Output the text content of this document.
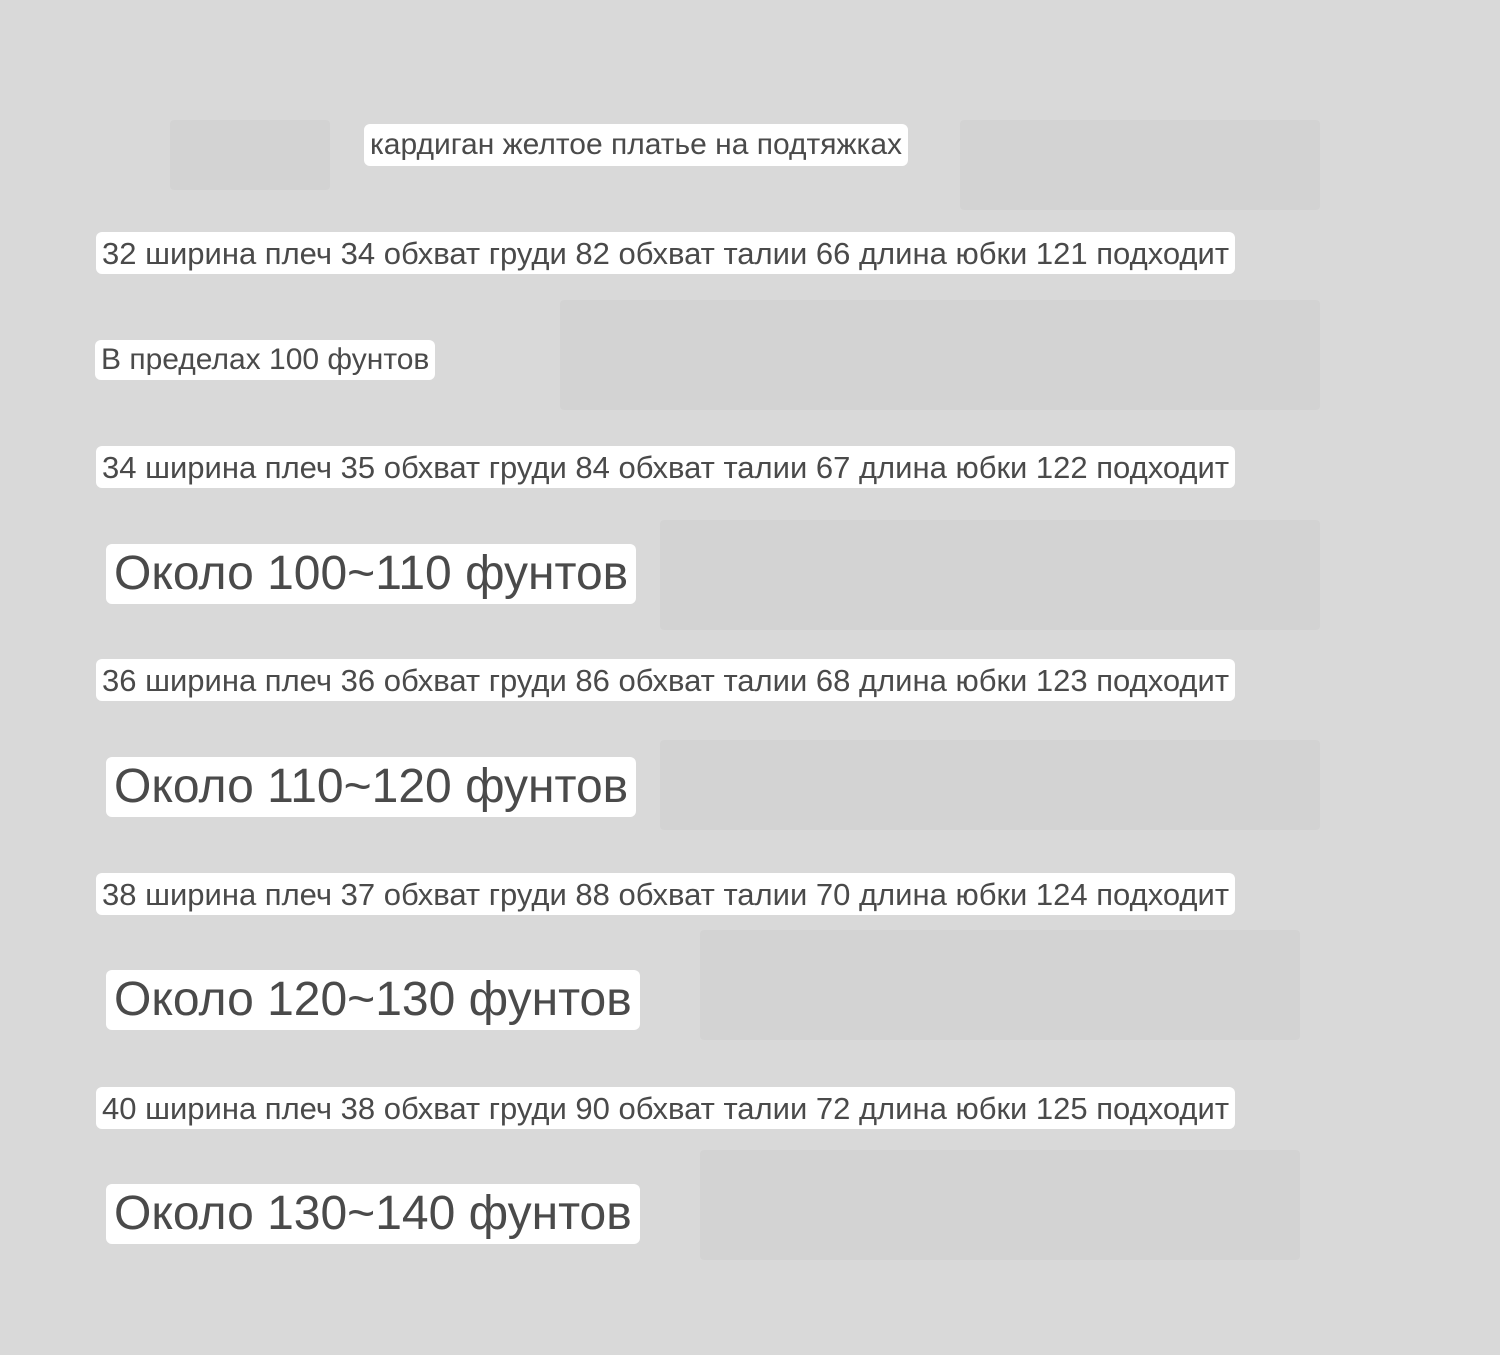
кардиган желтое платье на подтяжках
32 ширина плеч 34 обхват груди 82 обхват талии 66 длина юбки 121 подходит
В пределах 100 фунтов
34 ширина плеч 35 обхват груди 84 обхват талии 67 длина юбки 122 подходит
Около 100~110 фунтов
36 ширина плеч 36 обхват груди 86 обхват талии 68 длина юбки 123 подходит
Около 110~120 фунтов
38 ширина плеч 37 обхват груди 88 обхват талии 70 длина юбки 124 подходит
Около 120~130 фунтов
40 ширина плеч 38 обхват груди 90 обхват талии 72 длина юбки 125 подходит
Около 130~140 фунтов
